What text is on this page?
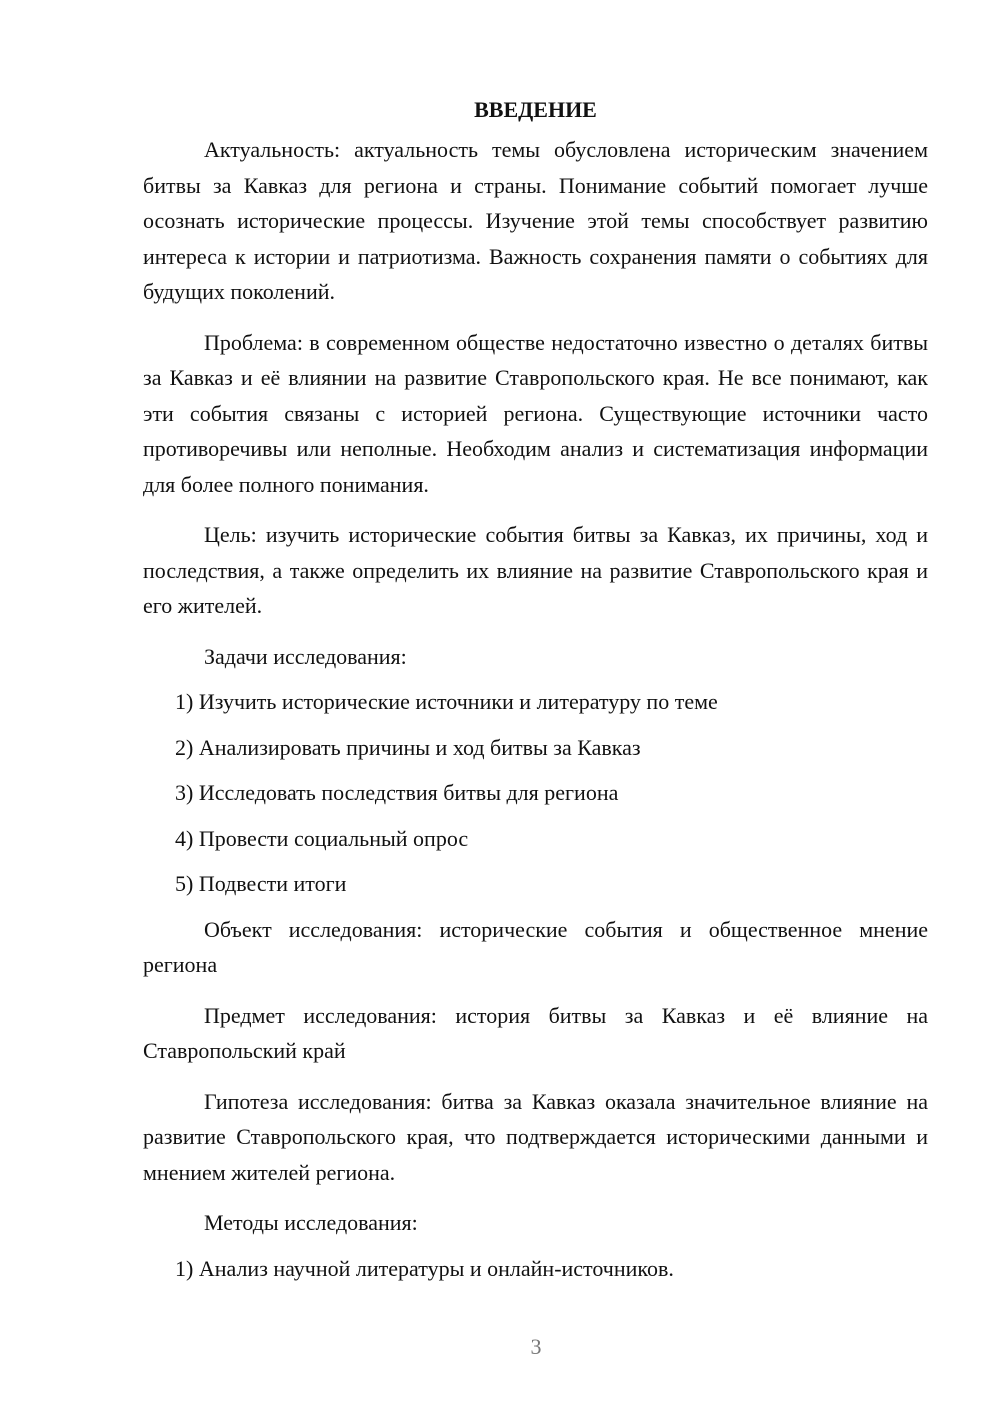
ВВЕДЕНИЕ

Актуальность: актуальность темы обусловлена историческим значением битвы за Кавказ для региона и страны. Понимание событий помогает лучше осознать исторические процессы. Изучение этой темы способствует развитию интереса к истории и патриотизма. Важность сохранения памяти о событиях для будущих поколений.

Проблема: в современном обществе недостаточно известно о деталях битвы за Кавказ и её влиянии на развитие Ставропольского края. Не все понимают, как эти события связаны с историей региона. Существующие источники часто противоречивы или неполные. Необходим анализ и систематизация информации для более полного понимания.

Цель: изучить исторические события битвы за Кавказ, их причины, ход и последствия, а также определить их влияние на развитие Ставропольского края и его жителей.

Задачи исследования:

1) Изучить исторические источники и литературу по теме

2) Анализировать причины и ход битвы за Кавказ

3) Исследовать последствия битвы для региона

4) Провести социальный опрос

5) Подвести итоги

Объект исследования: исторические события и общественное мнение региона

Предмет исследования: история битвы за Кавказ и её влияние на Ставропольский край

Гипотеза исследования: битва за Кавказ оказала значительное влияние на развитие Ставропольского края, что подтверждается историческими данными и мнением жителей региона.

Методы исследования:

1) Анализ научной литературы и онлайн-источников.

3
